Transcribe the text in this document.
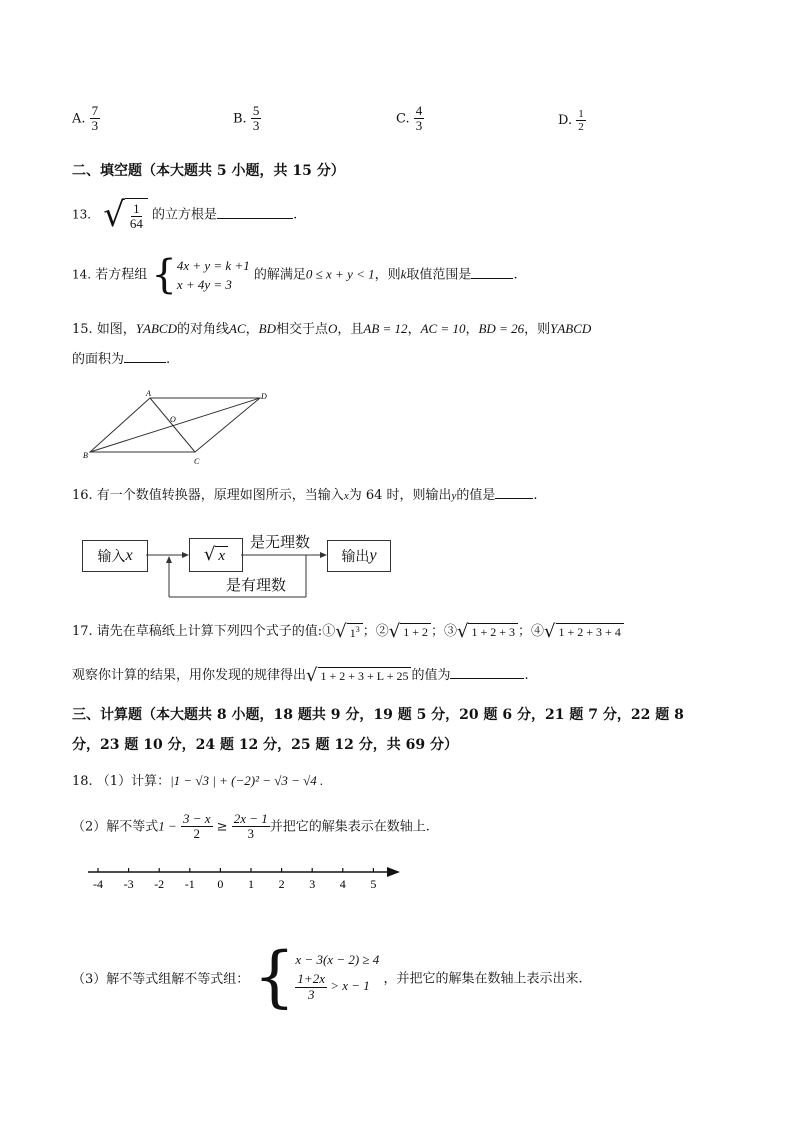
A. $\frac{7}{3}$	B. $\frac{5}{3}$	C. $\frac{4}{3}$	D. $\frac{1}{2}$
二、填空题（本大题共 5 小题，共 15 分）
13. √ $\frac{1}{64}$ 的立方根是	.
14. 若方程组 { 4x + y = k +1
x + 4y = 3
的解满足0 ≤ x + y < 1，则k取值范围是	.
15. 如图，ΥABCD的对角线AC，BD相交于点O，且AB = 12，AC = 10，BD = 26，则ΥABCD
的面积为	.
A	D
B
C
O
16. 有一个数值转换器，原理如图所示，当输入x为 64 时，则输出y的值是	.
输入 x	√ x	输出 y
是无理数
是有理数
17. 请先在草稿纸上计算下列四个式子的值:① √ $1^3$ ；② √ 1 + 2 ；③ √ 1 + 2 + 3 ；④ √ 1 + 2 + 3 + 4
观察你计算的结果，用你发现的规律得出 √ 1 + 2 + 3 + L + 25 的值为	.
三、计算题（本大题共 8 小题，18 题共 9 分，19 题 5 分，20 题 6 分，21 题 7 分，22 题 8
分，23 题 10 分，24 题 12 分，25 题 12 分，共 69 分）
18. （1）计算：|1 − √3 | + (−2)² − √3 − √4 .
（2）解不等式$1 - \frac{3 - x}{2} \ge \frac{2x - 1}{3}$ 并把它的解集表示在数轴上.
-4 -3 -2 -1 0 1 2 3 4 5
（3）解不等式组解不等式组： { x − 3(x − 2) ≥ 4
$\frac{1+2x}{3} > x - 1$	，并把它的解集在数轴上表示出来.
